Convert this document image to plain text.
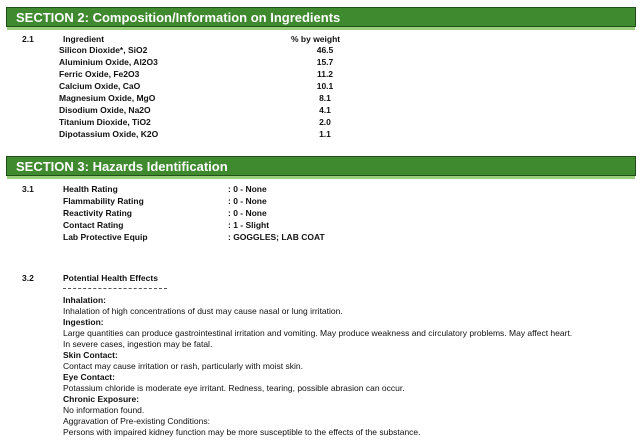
SECTION 2: Composition/Information on Ingredients
2.1	Ingredient	% by weight
Silicon Dioxide*, SiO2	46.5
Aluminium Oxide, Al2O3	15.7
Ferric Oxide, Fe2O3	11.2
Calcium Oxide, CaO	10.1
Magnesium Oxide, MgO	8.1
Disodium Oxide, Na2O	4.1
Titanium Dioxide, TiO2	2.0
Dipotassium Oxide, K2O	1.1
SECTION 3: Hazards Identification
3.1	Health Rating	: 0 - None
Flammability Rating	: 0 - None
Reactivity Rating	: 0 - None
Contact Rating	: 1 - Slight
Lab Protective Equip	: GOGGLES; LAB COAT
3.2	Potential Health Effects
Inhalation:
Inhalation of high concentrations of dust may cause nasal or lung irritation.
Ingestion:
Large quantities can produce gastrointestinal irritation and vomiting. May produce weakness and circulatory problems. May affect heart.
In severe cases, ingestion may be fatal.
Skin Contact:
Contact may cause irritation or rash, particularly with moist skin.
Eye Contact:
Potassium chloride is moderate eye irritant. Redness, tearing, possible abrasion can occur.
Chronic Exposure:
No information found.
Aggravation of Pre-existing Conditions:
Persons with impaired kidney function may be more susceptible to the effects of the substance.
